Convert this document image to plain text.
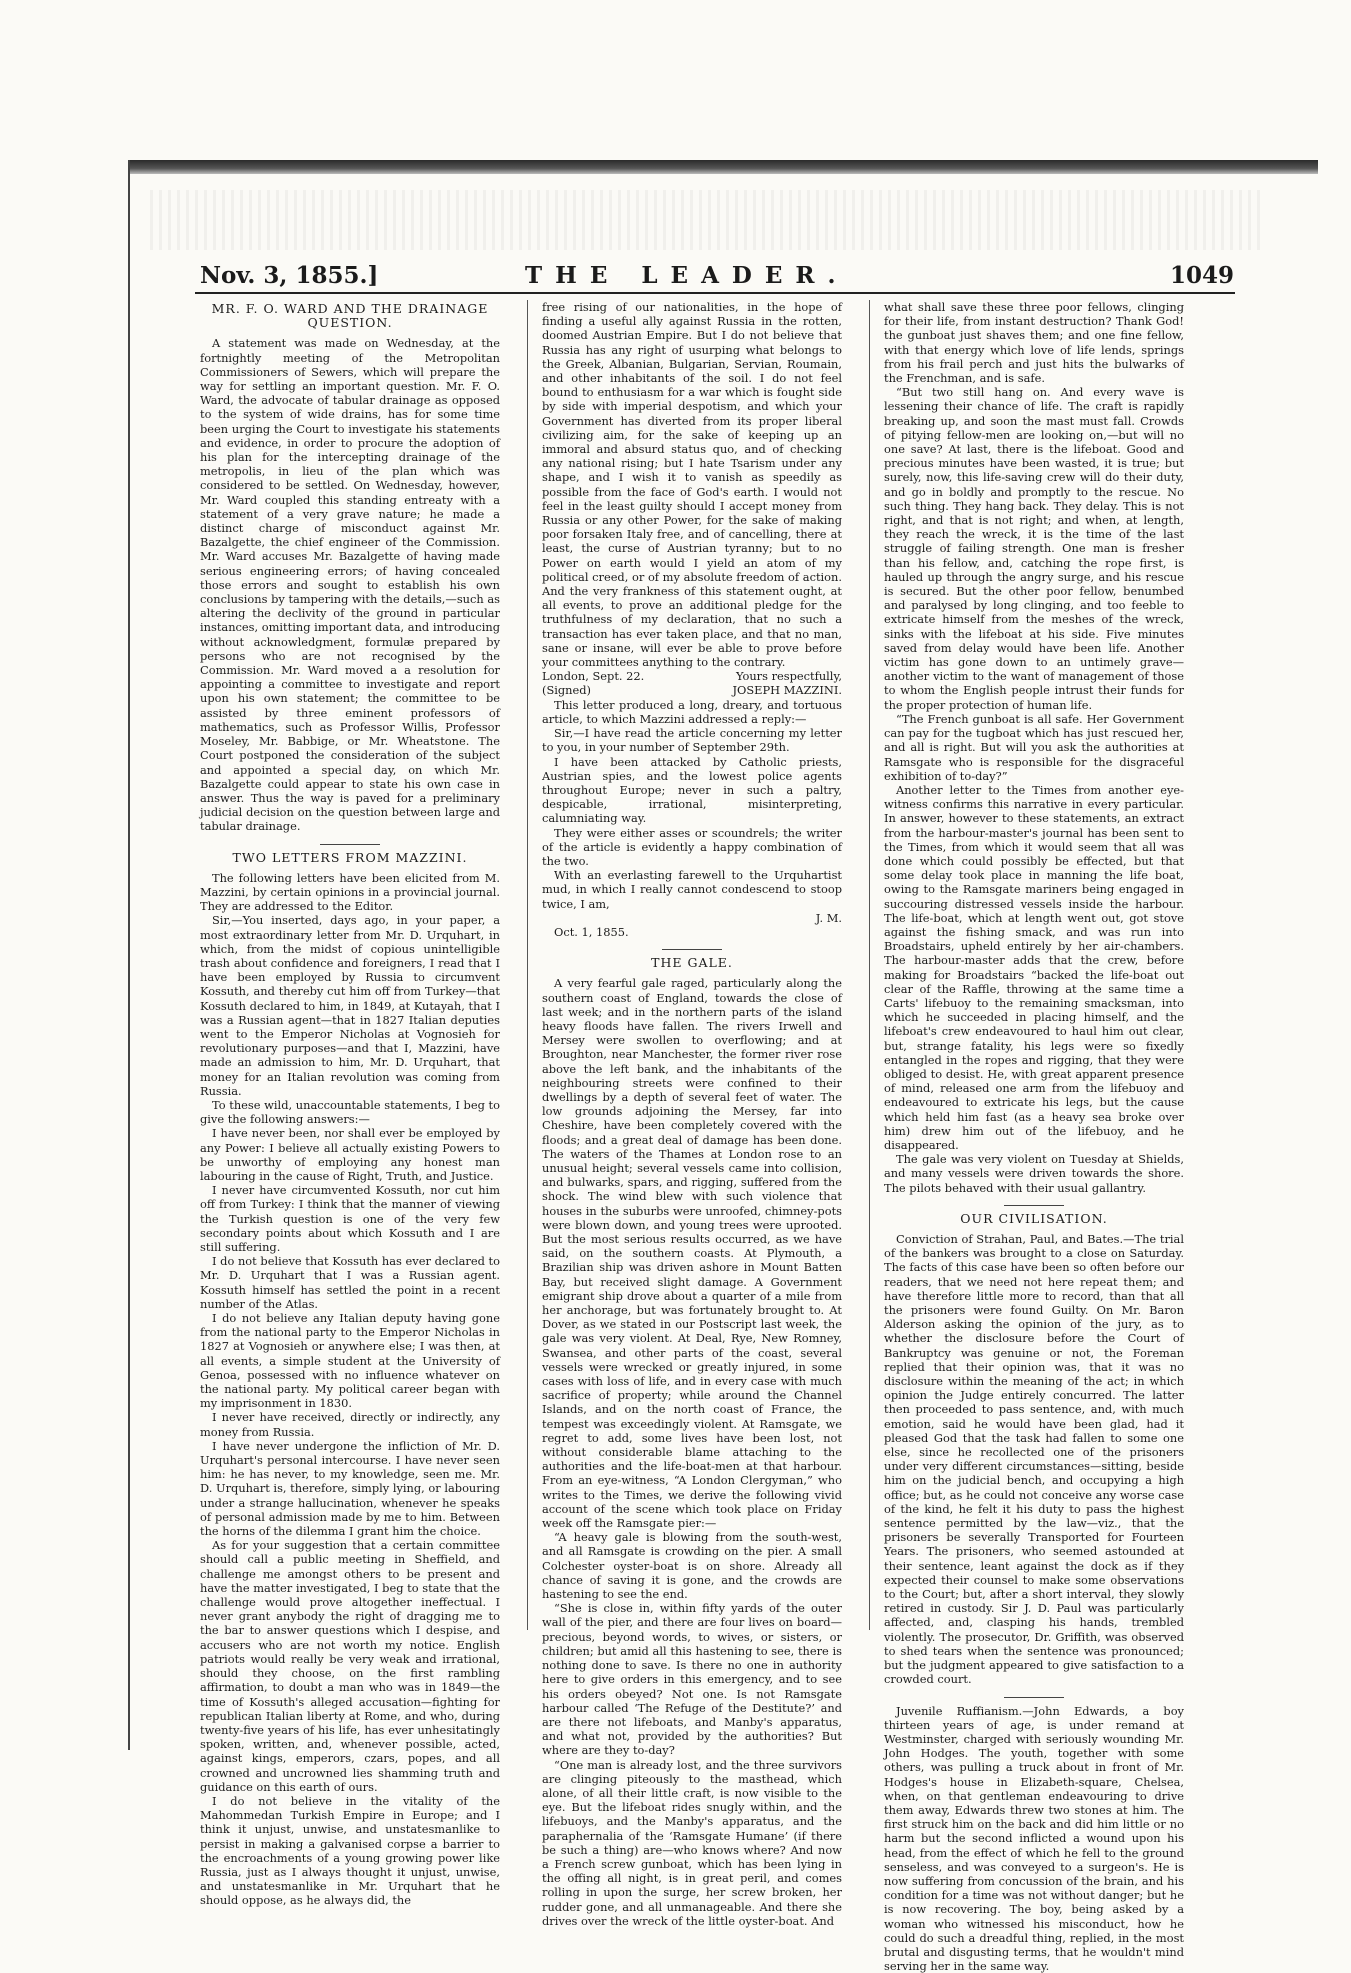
Nov. 3, 1855.]	THE LEADER.	1049
MR. F. O. WARD AND THE DRAINAGE QUESTION.

A statement was made on Wednesday, at the fortnightly meeting of the Metropolitan Commissioners of Sewers, which will prepare the way for settling an important question. Mr. F. O. Ward, the advocate of tabular drainage as opposed to the system of wide drains, has for some time been urging the Court to investigate his statements and evidence, in order to procure the adoption of his plan for the intercepting drainage of the metropolis, in lieu of the plan which was considered to be settled. On Wednesday, however, Mr. Ward coupled this standing entreaty with a statement of a very grave nature; he made a distinct charge of misconduct against Mr. Bazalgette, the chief engineer of the Commission. Mr. Ward accuses Mr. Bazalgette of having made serious engineering errors; of having concealed those errors and sought to establish his own conclusions by tampering with the details,—such as altering the declivity of the ground in particular instances, omitting important data, and introducing without acknowledgment, formulæ prepared by persons who are not recognised by the Commission. Mr. Ward moved a a resolution for appointing a committee to investigate and report upon his own statement; the committee to be assisted by three eminent professors of mathematics, such as Professor Willis, Professor Moseley, Mr. Babbige, or Mr. Wheatstone. The Court postponed the consideration of the subject and appointed a special day, on which Mr. Bazalgette could appear to state his own case in answer. Thus the way is paved for a preliminary judicial decision on the question between large and tabular drainage.

TWO LETTERS FROM MAZZINI.

The following letters have been elicited from M. Mazzini, by certain opinions in a provincial journal. They are addressed to the Editor.

Sir,—You inserted, days ago, in your paper, a most extraordinary letter from Mr. D. Urquhart, in which, from the midst of copious unintelligible trash about confidence and foreigners, I read that I have been employed by Russia to circumvent Kossuth, and thereby cut him off from Turkey—that Kossuth declared to him, in 1849, at Kutayah, that I was a Russian agent—that in 1827 Italian deputies went to the Emperor Nicholas at Vognosieh for revolutionary purposes—and that I, Mazzini, have made an admission to him, Mr. D. Urquhart, that money for an Italian revolution was coming from Russia.

To these wild, unaccountable statements, I beg to give the following answers:—

I have never been, nor shall ever be employed by any Power: I believe all actually existing Powers to be unworthy of employing any honest man labouring in the cause of Right, Truth, and Justice.

I never have circumvented Kossuth, nor cut him off from Turkey: I think that the manner of viewing the Turkish question is one of the very few secondary points about which Kossuth and I are still suffering.

I do not believe that Kossuth has ever declared to Mr. D. Urquhart that I was a Russian agent. Kossuth himself has settled the point in a recent number of the Atlas.

I do not believe any Italian deputy having gone from the national party to the Emperor Nicholas in 1827 at Vognosieh or anywhere else; I was then, at all events, a simple student at the University of Genoa, possessed with no influence whatever on the national party. My political career began with my imprisonment in 1830.

I never have received, directly or indirectly, any money from Russia.

I have never undergone the infliction of Mr. D. Urquhart's personal intercourse. I have never seen him: he has never, to my knowledge, seen me. Mr. D. Urquhart is, therefore, simply lying, or labouring under a strange hallucination, whenever he speaks of personal admission made by me to him. Between the horns of the dilemma I grant him the choice.

As for your suggestion that a certain committee should call a public meeting in Sheffield, and challenge me amongst others to be present and have the matter investigated, I beg to state that the challenge would prove altogether ineffectual. I never grant anybody the right of dragging me to the bar to answer questions which I despise, and accusers who are not worth my notice. English patriots would really be very weak and irrational, should they choose, on the first rambling affirmation, to doubt a man who was in 1849—the time of Kossuth's alleged accusation—fighting for republican Italian liberty at Rome, and who, during twenty-five years of his life, has ever unhesitatingly spoken, written, and, whenever possible, acted, against kings, emperors, czars, popes, and all crowned and uncrowned lies shamming truth and guidance on this earth of ours.

I do not believe in the vitality of the Mahommedan Turkish Empire in Europe; and I think it unjust, unwise, and unstatesmanlike to persist in making a galvanised corpse a barrier to the encroachments of a young growing power like Russia, just as I always thought it unjust, unwise, and unstatesmanlike in Mr. Urquhart that he should oppose, as he always did, the

free rising of our nationalities, in the hope of finding a useful ally against Russia in the rotten, doomed Austrian Empire. But I do not believe that Russia has any right of usurping what belongs to the Greek, Albanian, Bulgarian, Servian, Roumain, and other inhabitants of the soil. I do not feel bound to enthusiasm for a war which is fought side by side with imperial despotism, and which your Government has diverted from its proper liberal civilizing aim, for the sake of keeping up an immoral and absurd status quo, and of checking any national rising; but I hate Tsarism under any shape, and I wish it to vanish as speedily as possible from the face of God's earth. I would not feel in the least guilty should I accept money from Russia or any other Power, for the sake of making poor forsaken Italy free, and of cancelling, there at least, the curse of Austrian tyranny; but to no Power on earth would I yield an atom of my political creed, or of my absolute freedom of action. And the very frankness of this statement ought, at all events, to prove an additional pledge for the truthfulness of my declaration, that no such a transaction has ever taken place, and that no man, sane or insane, will ever be able to prove before your committees anything to the contrary.

London, Sept. 22.	Yours respectfully,
(Signed)	JOSEPH MAZZINI.

This letter produced a long, dreary, and tortuous article, to which Mazzini addressed a reply:—

Sir,—I have read the article concerning my letter to you, in your number of September 29th.

I have been attacked by Catholic priests, Austrian spies, and the lowest police agents throughout Europe; never in such a paltry, despicable, irrational, misinterpreting, calumniating way.

They were either asses or scoundrels; the writer of the article is evidently a happy combination of the two.

With an everlasting farewell to the Urquhartist mud, in which I really cannot condescend to stoop twice, I am,

J. M.

Oct. 1, 1855.

THE GALE.

A very fearful gale raged, particularly along the southern coast of England, towards the close of last week; and in the northern parts of the island heavy floods have fallen. The rivers Irwell and Mersey were swollen to overflowing; and at Broughton, near Manchester, the former river rose above the left bank, and the inhabitants of the neighbouring streets were confined to their dwellings by a depth of several feet of water. The low grounds adjoining the Mersey, far into Cheshire, have been completely covered with the floods; and a great deal of damage has been done. The waters of the Thames at London rose to an unusual height; several vessels came into collision, and bulwarks, spars, and rigging, suffered from the shock. The wind blew with such violence that houses in the suburbs were unroofed, chimney-pots were blown down, and young trees were uprooted. But the most serious results occurred, as we have said, on the southern coasts. At Plymouth, a Brazilian ship was driven ashore in Mount Batten Bay, but received slight damage. A Government emigrant ship drove about a quarter of a mile from her anchorage, but was fortunately brought to. At Dover, as we stated in our Postscript last week, the gale was very violent. At Deal, Rye, New Romney, Swansea, and other parts of the coast, several vessels were wrecked or greatly injured, in some cases with loss of life, and in every case with much sacrifice of property; while around the Channel Islands, and on the north coast of France, the tempest was exceedingly violent. At Ramsgate, we regret to add, some lives have been lost, not without considerable blame attaching to the authorities and the life-boat-men at that harbour. From an eye-witness, “A London Clergyman,” who writes to the Times, we derive the following vivid account of the scene which took place on Friday week off the Ramsgate pier:—

“A heavy gale is blowing from the south-west, and all Ramsgate is crowding on the pier. A small Colchester oyster-boat is on shore. Already all chance of saving it is gone, and the crowds are hastening to see the end.

“She is close in, within fifty yards of the outer wall of the pier, and there are four lives on board—precious, beyond words, to wives, or sisters, or children; but amid all this hastening to see, there is nothing done to save. Is there no one in authority here to give orders in this emergency, and to see his orders obeyed? Not one. Is not Ramsgate harbour called ‘The Refuge of the Destitute?’ and are there not lifeboats, and Manby's apparatus, and what not, provided by the authorities? But where are they to-day?

“One man is already lost, and the three survivors are clinging piteously to the masthead, which alone, of all their little craft, is now visible to the eye. But the lifeboat rides snugly within, and the lifebuoys, and the Manby's apparatus, and the paraphernalia of the ‘Ramsgate Humane’ (if there be such a thing) are—who knows where? And now a French screw gunboat, which has been lying in the offing all night, is in great peril, and comes rolling in upon the surge, her screw broken, her rudder gone, and all unmanageable. And there she drives over the wreck of the little oyster-boat. And

what shall save these three poor fellows, clinging for their life, from instant destruction? Thank God! the gunboat just shaves them; and one fine fellow, with that energy which love of life lends, springs from his frail perch and just hits the bulwarks of the Frenchman, and is safe.

“But two still hang on. And every wave is lessening their chance of life. The craft is rapidly breaking up, and soon the mast must fall. Crowds of pitying fellow-men are looking on,—but will no one save? At last, there is the lifeboat. Good and precious minutes have been wasted, it is true; but surely, now, this life-saving crew will do their duty, and go in boldly and promptly to the rescue. No such thing. They hang back. They delay. This is not right, and that is not right; and when, at length, they reach the wreck, it is the time of the last struggle of failing strength. One man is fresher than his fellow, and, catching the rope first, is hauled up through the angry surge, and his rescue is secured. But the other poor fellow, benumbed and paralysed by long clinging, and too feeble to extricate himself from the meshes of the wreck, sinks with the lifeboat at his side. Five minutes saved from delay would have been life. Another victim has gone down to an untimely grave—another victim to the want of management of those to whom the English people intrust their funds for the proper protection of human life.

“The French gunboat is all safe. Her Government can pay for the tugboat which has just rescued her, and all is right. But will you ask the authorities at Ramsgate who is responsible for the disgraceful exhibition of to-day?”

Another letter to the Times from another eye-witness confirms this narrative in every particular. In answer, however to these statements, an extract from the harbour-master's journal has been sent to the Times, from which it would seem that all was done which could possibly be effected, but that some delay took place in manning the life boat, owing to the Ramsgate mariners being engaged in succouring distressed vessels inside the harbour. The life-boat, which at length went out, got stove against the fishing smack, and was run into Broadstairs, upheld entirely by her air-chambers. The harbour-master adds that the crew, before making for Broadstairs “backed the life-boat out clear of the Raffle, throwing at the same time a Carts' lifebuoy to the remaining smacksman, into which he succeeded in placing himself, and the lifeboat's crew endeavoured to haul him out clear, but, strange fatality, his legs were so fixedly entangled in the ropes and rigging, that they were obliged to desist. He, with great apparent presence of mind, released one arm from the lifebuoy and endeavoured to extricate his legs, but the cause which held him fast (as a heavy sea broke over him) drew him out of the lifebuoy, and he disappeared.

The gale was very violent on Tuesday at Shields, and many vessels were driven towards the shore. The pilots behaved with their usual gallantry.

OUR CIVILISATION.

Conviction of Strahan, Paul, and Bates.—The trial of the bankers was brought to a close on Saturday. The facts of this case have been so often before our readers, that we need not here repeat them; and have therefore little more to record, than that all the prisoners were found Guilty. On Mr. Baron Alderson asking the opinion of the jury, as to whether the disclosure before the Court of Bankruptcy was genuine or not, the Foreman replied that their opinion was, that it was no disclosure within the meaning of the act; in which opinion the Judge entirely concurred. The latter then proceeded to pass sentence, and, with much emotion, said he would have been glad, had it pleased God that the task had fallen to some one else, since he recollected one of the prisoners under very different circumstances—sitting, beside him on the judicial bench, and occupying a high office; but, as he could not conceive any worse case of the kind, he felt it his duty to pass the highest sentence permitted by the law—viz., that the prisoners be severally Transported for Fourteen Years. The prisoners, who seemed astounded at their sentence, leant against the dock as if they expected their counsel to make some observations to the Court; but, after a short interval, they slowly retired in custody. Sir J. D. Paul was particularly affected, and, clasping his hands, trembled violently. The prosecutor, Dr. Griffith, was observed to shed tears when the sentence was pronounced; but the judgment appeared to give satisfaction to a crowded court.

Juvenile Ruffianism.—John Edwards, a boy thirteen years of age, is under remand at Westminster, charged with seriously wounding Mr. John Hodges. The youth, together with some others, was pulling a truck about in front of Mr. Hodges's house in Elizabeth-square, Chelsea, when, on that gentleman endeavouring to drive them away, Edwards threw two stones at him. The first struck him on the back and did him little or no harm but the second inflicted a wound upon his head, from the effect of which he fell to the ground senseless, and was conveyed to a surgeon's. He is now suffering from concussion of the brain, and his condition for a time was not without danger; but he is now recovering. The boy, being asked by a woman who witnessed his misconduct, how he could do such a dreadful thing, replied, in the most brutal and disgusting terms, that he wouldn't mind serving her in the same way.
